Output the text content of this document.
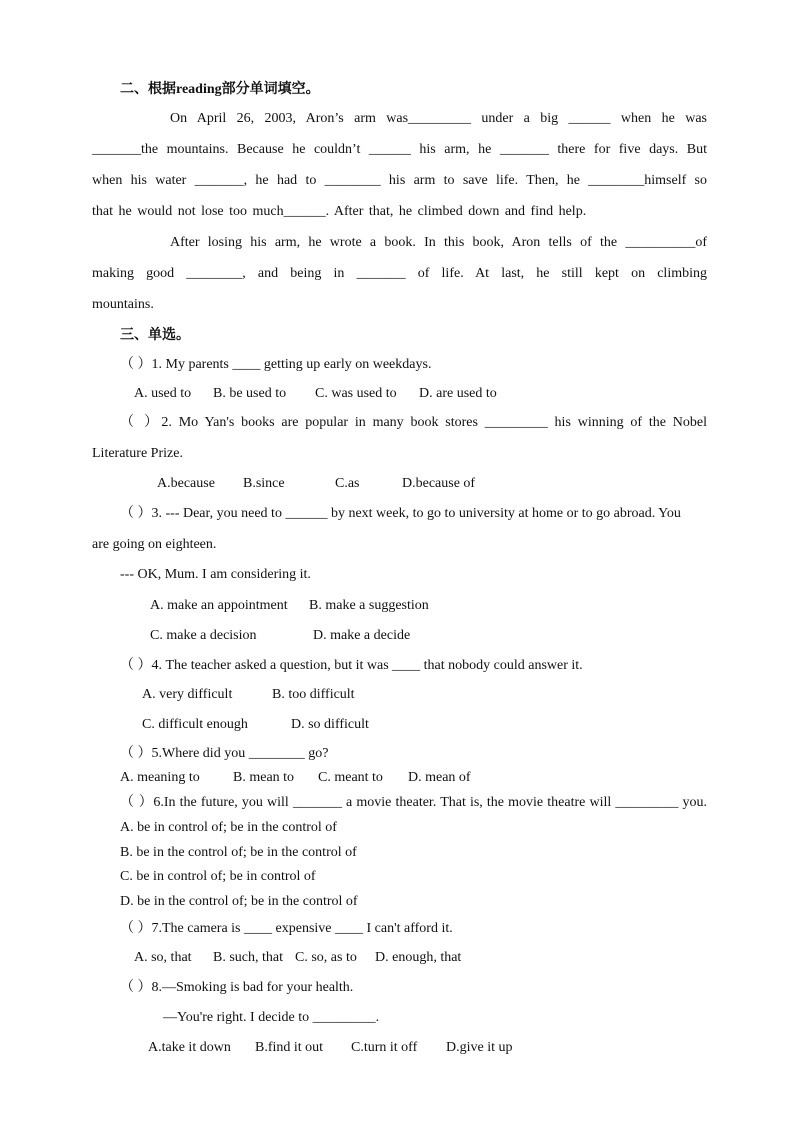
二、根据reading部分单词填空。
On April 26, 2003, Aron’s arm was_________ under a big ______ when he was
_______the mountains. Because he couldn’t ______ his arm, he _______ there for five days. But
when his water _______, he had to ________ his arm to save life. Then, he ________himself so
that he would not lose too much______. After that, he climbed down and find help.
After losing his arm, he wrote a book. In this book, Aron tells of the __________of
making good ________, and being in _______ of life. At last, he still kept on climbing
mountains.
三、单选。
（ ）1. My parents ____ getting up early on weekdays.
A. used to B. be used to C. was used to D. are used to
（ ）2. Mo Yan's books are popular in many book stores _________ his winning of the Nobel
Literature Prize.
A.because B.since	C.as	D.because of
（ ）3. --- Dear, you need to ______ by next week, to go to university at home or to go abroad. You
are going on eighteen.
--- OK, Mum. I am considering it.
A. make an appointment B. make a suggestion
C. make a decision	D. make a decide
（ ）4. The teacher asked a question, but it was ____ that nobody could answer it.
A. very difficult	B. too difficult
C. difficult enough	D. so difficult
（ ）5.Where did you ________ go?
A. meaning to B. mean to C. meant to D. mean of
（ ）6.In the future, you will _______ a movie theater. That is, the movie theatre will _________ you.
A. be in control of; be in the control of
B. be in the control of; be in the control of
C. be in control of; be in control of
D. be in the control of; be in the control of
（ ）7.The camera is ____ expensive ____ I can't afford it.
A. so, that B. such, that C. so, as to D. enough, that
（ ）8.—Smoking is bad for your health.
—You're right. I decide to _________.
A.take it down B.find it out C.turn it off D.give it up
